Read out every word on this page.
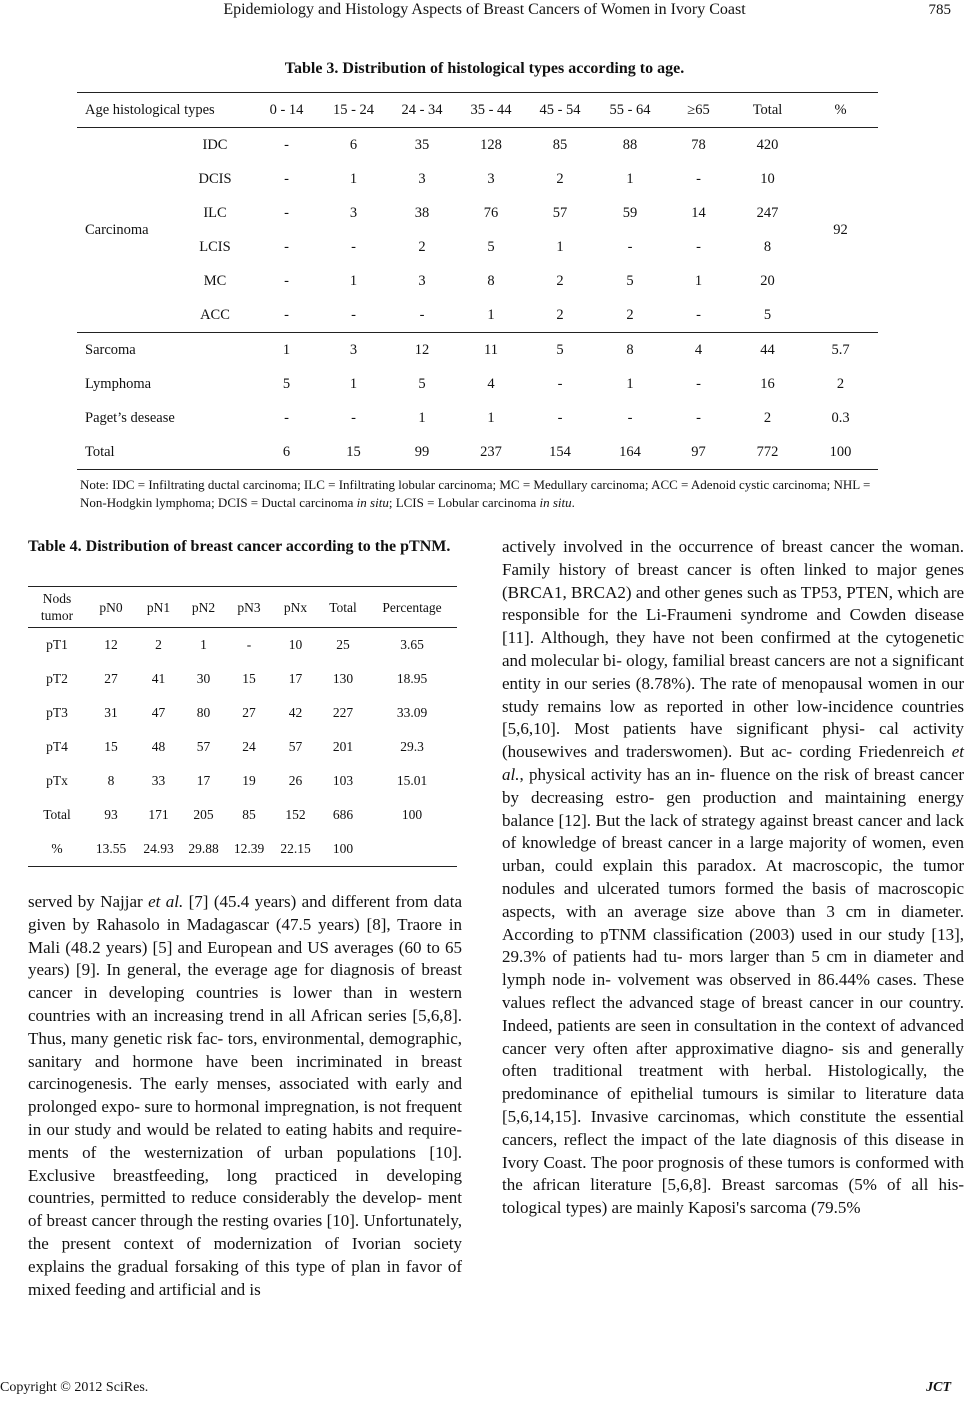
Epidemiology and Histology Aspects of Breast Cancers of Women in Ivory Coast	785
Table 3. Distribution of histological types according to age.
Age histological types		0 - 14	15 - 24	24 - 34	35 - 44	45 - 54	55 - 64	≥65	Total	%
Carcinoma	IDC	-	6	35	128	85	88	78	420	92
	DCIS	-	1	3	3	2	1	-	10	
	ILC	-	3	38	76	57	59	14	247	
	LCIS	-	-	2	5	1	-	-	8	
	MC	-	1	3	8	2	5	1	20	
	ACC	-	-	-	1	2	2	-	5	
Sarcoma		1	3	12	11	5	8	4	44	5.7
Lymphoma		5	1	5	4	-	1	-	16	2
Paget’s desease		-	-	1	1	-	-	-	2	0.3
Total		6	15	99	237	154	164	97	772	100
Note: IDC = Infiltrating ductal carcinoma; ILC = Infiltrating lobular carcinoma; MC = Medullary carcinoma; ACC = Adenoid cystic carcinoma; NHL = Non-Hodgkin lymphoma; DCIS = Ductal carcinoma in situ; LCIS = Lobular carcinoma in situ.
Table 4. Distribution of breast cancer according to the pTNM.
Nods
tumor	pN0	pN1	pN2	pN3	pNx	Total	Percentage
pT1	12	2	1	-	10	25	3.65
pT2	27	41	30	15	17	130	18.95
pT3	31	47	80	27	42	227	33.09
pT4	15	48	57	24	57	201	29.3
pTx	8	33	17	19	26	103	15.01
Total	93	171	205	85	152	686	100
%	13.55	24.93	29.88	12.39	22.15	100	
served by Najjar et al. [7] (45.4 years) and different from data given by Rahasolo in Madagascar (47.5 years) [8], Traore in Mali (48.2 years) [5] and European and US averages (60 to 65 years) [9]. In general, the everage age for diagnosis of breast cancer in developing countries is lower than in western countries with an increasing trend in all African series [5,6,8]. Thus, many genetic risk fac- tors, environmental, demographic, sanitary and hormone have been incriminated in breast carcinogenesis. The early menses, associated with early and prolonged expo- sure to hormonal impregnation, is not frequent in our study and would be related to eating habits and require- ments of the westernization of urban populations [10]. Exclusive breastfeeding, long practiced in developing countries, permitted to reduce considerably the develop- ment of breast cancer through the resting ovaries [10]. Unfortunately, the present context of modernization of Ivorian society explains the gradual forsaking of this type of plan in favor of mixed feeding and artificial and is
actively involved in the occurrence of breast cancer the woman. Family history of breast cancer is often linked to major genes (BRCA1, BRCA2) and other genes such as TP53, PTEN, which are responsible for the Li-Fraumeni syndrome and Cowden disease [11]. Although, they have not been confirmed at the cytogenetic and molecular bi- ology, familial breast cancers are not a significant entity in our series (8.78%). The rate of menopausal women in our study remains low as reported in other low-incidence countries [5,6,10]. Most patients have significant physi- cal activity (housewives and traderswomen). But ac- cording Friedenreich et al., physical activity has an in- fluence on the risk of breast cancer by decreasing estro- gen production and maintaining energy balance [12]. But the lack of strategy against breast cancer and lack of knowledge of breast cancer in a large majority of women, even urban, could explain this paradox. At macroscopic, the tumor nodules and ulcerated tumors formed the basis of macroscopic aspects, with an average size above than 3 cm in diameter. According to pTNM classification (2003) used in our study [13], 29.3% of patients had tu- mors larger than 5 cm in diameter and lymph node in- volvement was observed in 86.44% cases. These values reflect the advanced stage of breast cancer in our country. Indeed, patients are seen in consultation in the context of advanced cancer very often after approximative diagno- sis and generally often traditional treatment with herbal. Histologically, the predominance of epithelial tumours is similar to literature data [5,6,14,15]. Invasive carcinomas, which constitute the essential cancers, reflect the impact of the late diagnosis of this disease in Ivory Coast. The poor prognosis of these tumors is conformed with the african literature [5,6,8]. Breast sarcomas (5% of all his- tological types) are mainly Kaposi's sarcoma (79.5%
Copyright © 2012 SciRes.	JCT
